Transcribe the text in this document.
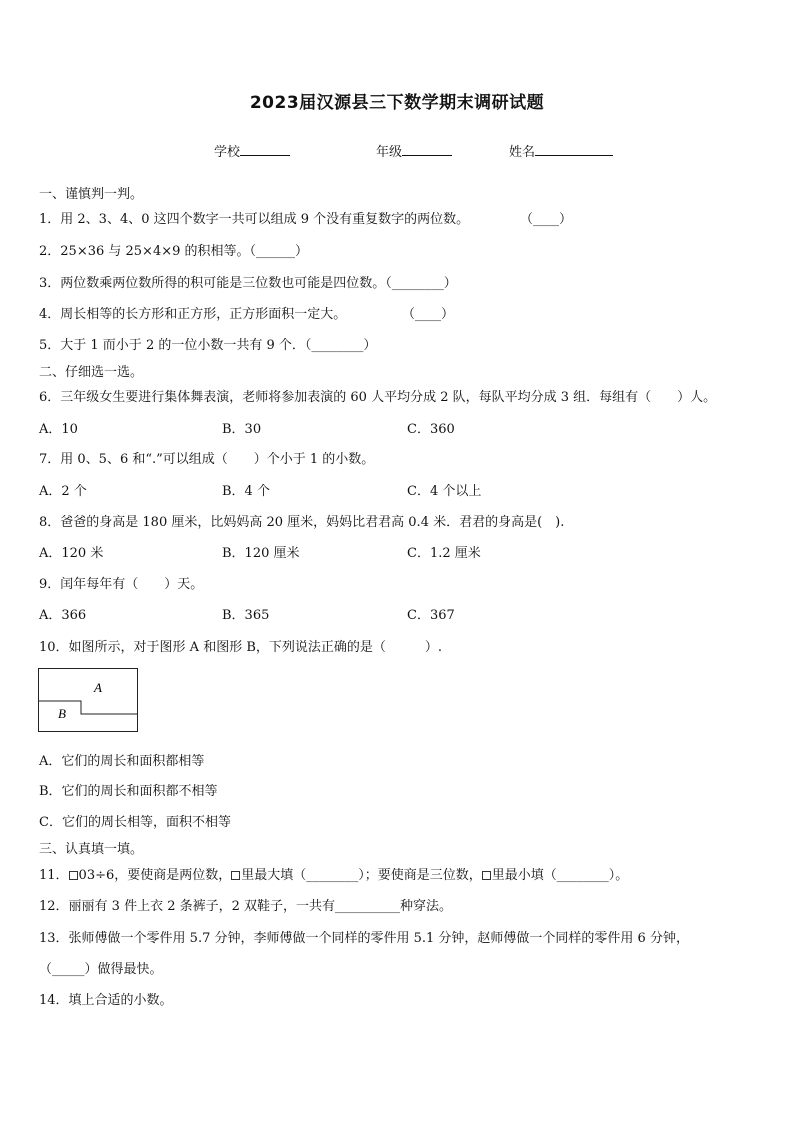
2023届汉源县三下数学期末调研试题
学校	年级	姓名
一、谨慎判一判。
1．用 2、3、4、0 这四个数字一共可以组成 9 个没有重复数字的两位数。	（____）
2．25×36 与 25×4×9 的积相等。（______）
3．两位数乘两位数所得的积可能是三位数也可能是四位数。（________）
4．周长相等的长方形和正方形，正方形面积一定大。	（____）
5．大于 1 而小于 2 的一位小数一共有 9 个．（________）
二、仔细选一选。
6．三年级女生要进行集体舞表演，老师将参加表演的 60 人平均分成 2 队，每队平均分成 3 组．每组有（　　）人。
A．10	B．30	C．360
7．用 0、5、6 和“.”可以组成（　　）个小于 1 的小数。
A．2 个	B．4 个	C．4 个以上
8．爸爸的身高是 180 厘米，比妈妈高 20 厘米，妈妈比君君高 0.4 米．君君的身高是(　).
A．120 米	B．120 厘米	C．1.2 厘米
9．闰年每年有（　　）天。
A．366	B．365	C．367
10．如图所示，对于图形 A 和图形 B，下列说法正确的是（　　　）.
A
B
A．它们的周长和面积都相等
B．它们的周长和面积都不相等
C．它们的周长相等，面积不相等
三、认真填一填。
11． 03÷6，要使商是两位数， 里最大填（________）；要使商是三位数， 里最小填（________）。
12．丽丽有 3 件上衣 2 条裤子，2 双鞋子，一共有__________种穿法。
13．张师傅做一个零件用 5.7 分钟，李师傅做一个同样的零件用 5.1 分钟，赵师傅做一个同样的零件用 6 分钟，
（_____）做得最快。
14．填上合适的小数。
